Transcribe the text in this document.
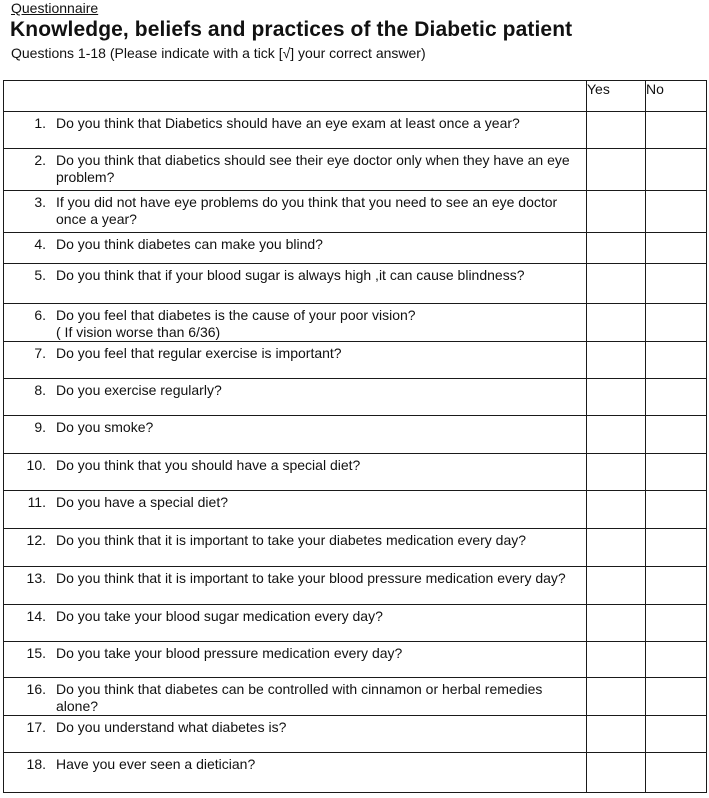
Questionnaire
Knowledge, beliefs and practices of the Diabetic patient
Questions 1-18 (Please indicate with a tick [√] your correct answer)
	Yes	No

1. Do you think that Diabetics should have an eye exam at least once a year?		

2. Do you think that diabetics should see their eye doctor only when they have an eye problem?		

3. If you did not have eye problems do you think that you need to see an eye doctor once a year?		

4. Do you think diabetes can make you blind?		

5. Do you think that if your blood sugar is always high ,it can cause blindness?		

6. Do you feel that diabetes is the cause of your poor vision?
( If vision worse than 6/36)		

7. Do you feel that regular exercise is important?		

8. Do you exercise regularly?		

9. Do you smoke?		

10. Do you think that you should have a special diet?		

11. Do you have a special diet?		

12. Do you think that it is important to take your diabetes medication every day?		

13. Do you think that it is important to take your blood pressure medication every day?		

14. Do you take your blood sugar medication every day?		

15. Do you take your blood pressure medication every day?		

16. Do you think that diabetes can be controlled with cinnamon or herbal remedies alone?		

17. Do you understand what diabetes is?		

18. Have you ever seen a dietician?		
